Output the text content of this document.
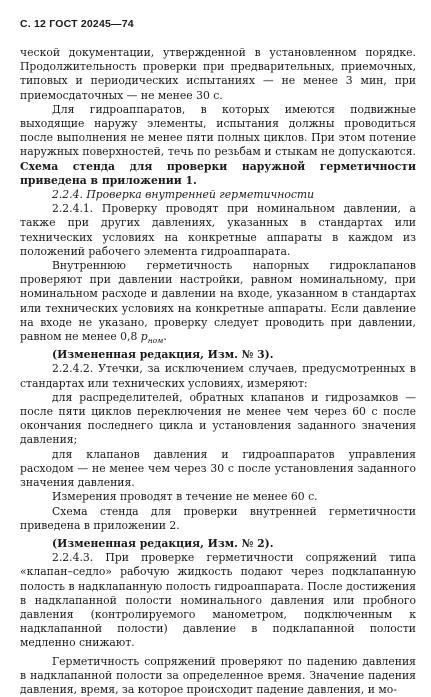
С. 12 ГОСТ 20245—74

ческой документации, утвержденной в установленном порядке. Продолжительность проверки при предварительных, приемочных, типовых и периодических испытаниях — не менее 3 мин, при приемосдаточных — не менее 30 с.

Для гидроаппаратов, в которых имеются подвижные выходящие наружу элементы, испытания должны проводиться после выполнения не менее пяти полных циклов. При этом потение наружных поверхностей, течь по резьбам и стыкам не допускаются. Схема стенда для проверки наружной герметичности приведена в приложении 1.

2.2.4. Проверка внутренней герметичности

2.2.4.1. Проверку проводят при номинальном давлении, а также при других давлениях, указанных в стандартах или технических условиях на конкретные аппараты в каждом из положений рабочего элемента гидроаппарата.

Внутреннюю герметичность напорных гидроклапанов проверяют при давлении настройки, равном номинальному, при номинальном расходе и давлении на входе, указанном в стандартах или технических условиях на конкретные аппараты. Если давление на входе не указано, проверку следует проводить при давлении, равном не менее 0,8 $p_{ном}$.

(Измененная редакция, Изм. № 3).

2.2.4.2. Утечки, за исключением случаев, предусмотренных в стандартах или технических условиях, измеряют:

для распределителей, обратных клапанов и гидрозамков — после пяти циклов переключения не менее чем через 60 с после окончания последнего цикла и установления заданного значения давления;

для клапанов давления и гидроаппаратов управления расходом — не менее чем через 30 с после установления заданного значения давления.

Измерения проводят в течение не менее 60 с.

Схема стенда для проверки внутренней герметичности приведена в приложении 2.

(Измененная редакция, Изм. № 2).

2.2.4.3. При проверке герметичности сопряжений типа «клапан–седло» рабочую жидкость подают через подклапанную полость в надклапанную полость гидроаппарата. После достижения в надклапанной полости номинального давления или пробного давления (контролируемого манометром, подключенным к надклапанной полости) давление в подклапанной полости медленно снижают.

Герметичность сопряжений проверяют по падению давления в надклапанной полости за определенное время. Значение падения давления, время, за которое происходит падение давления, и мо-
